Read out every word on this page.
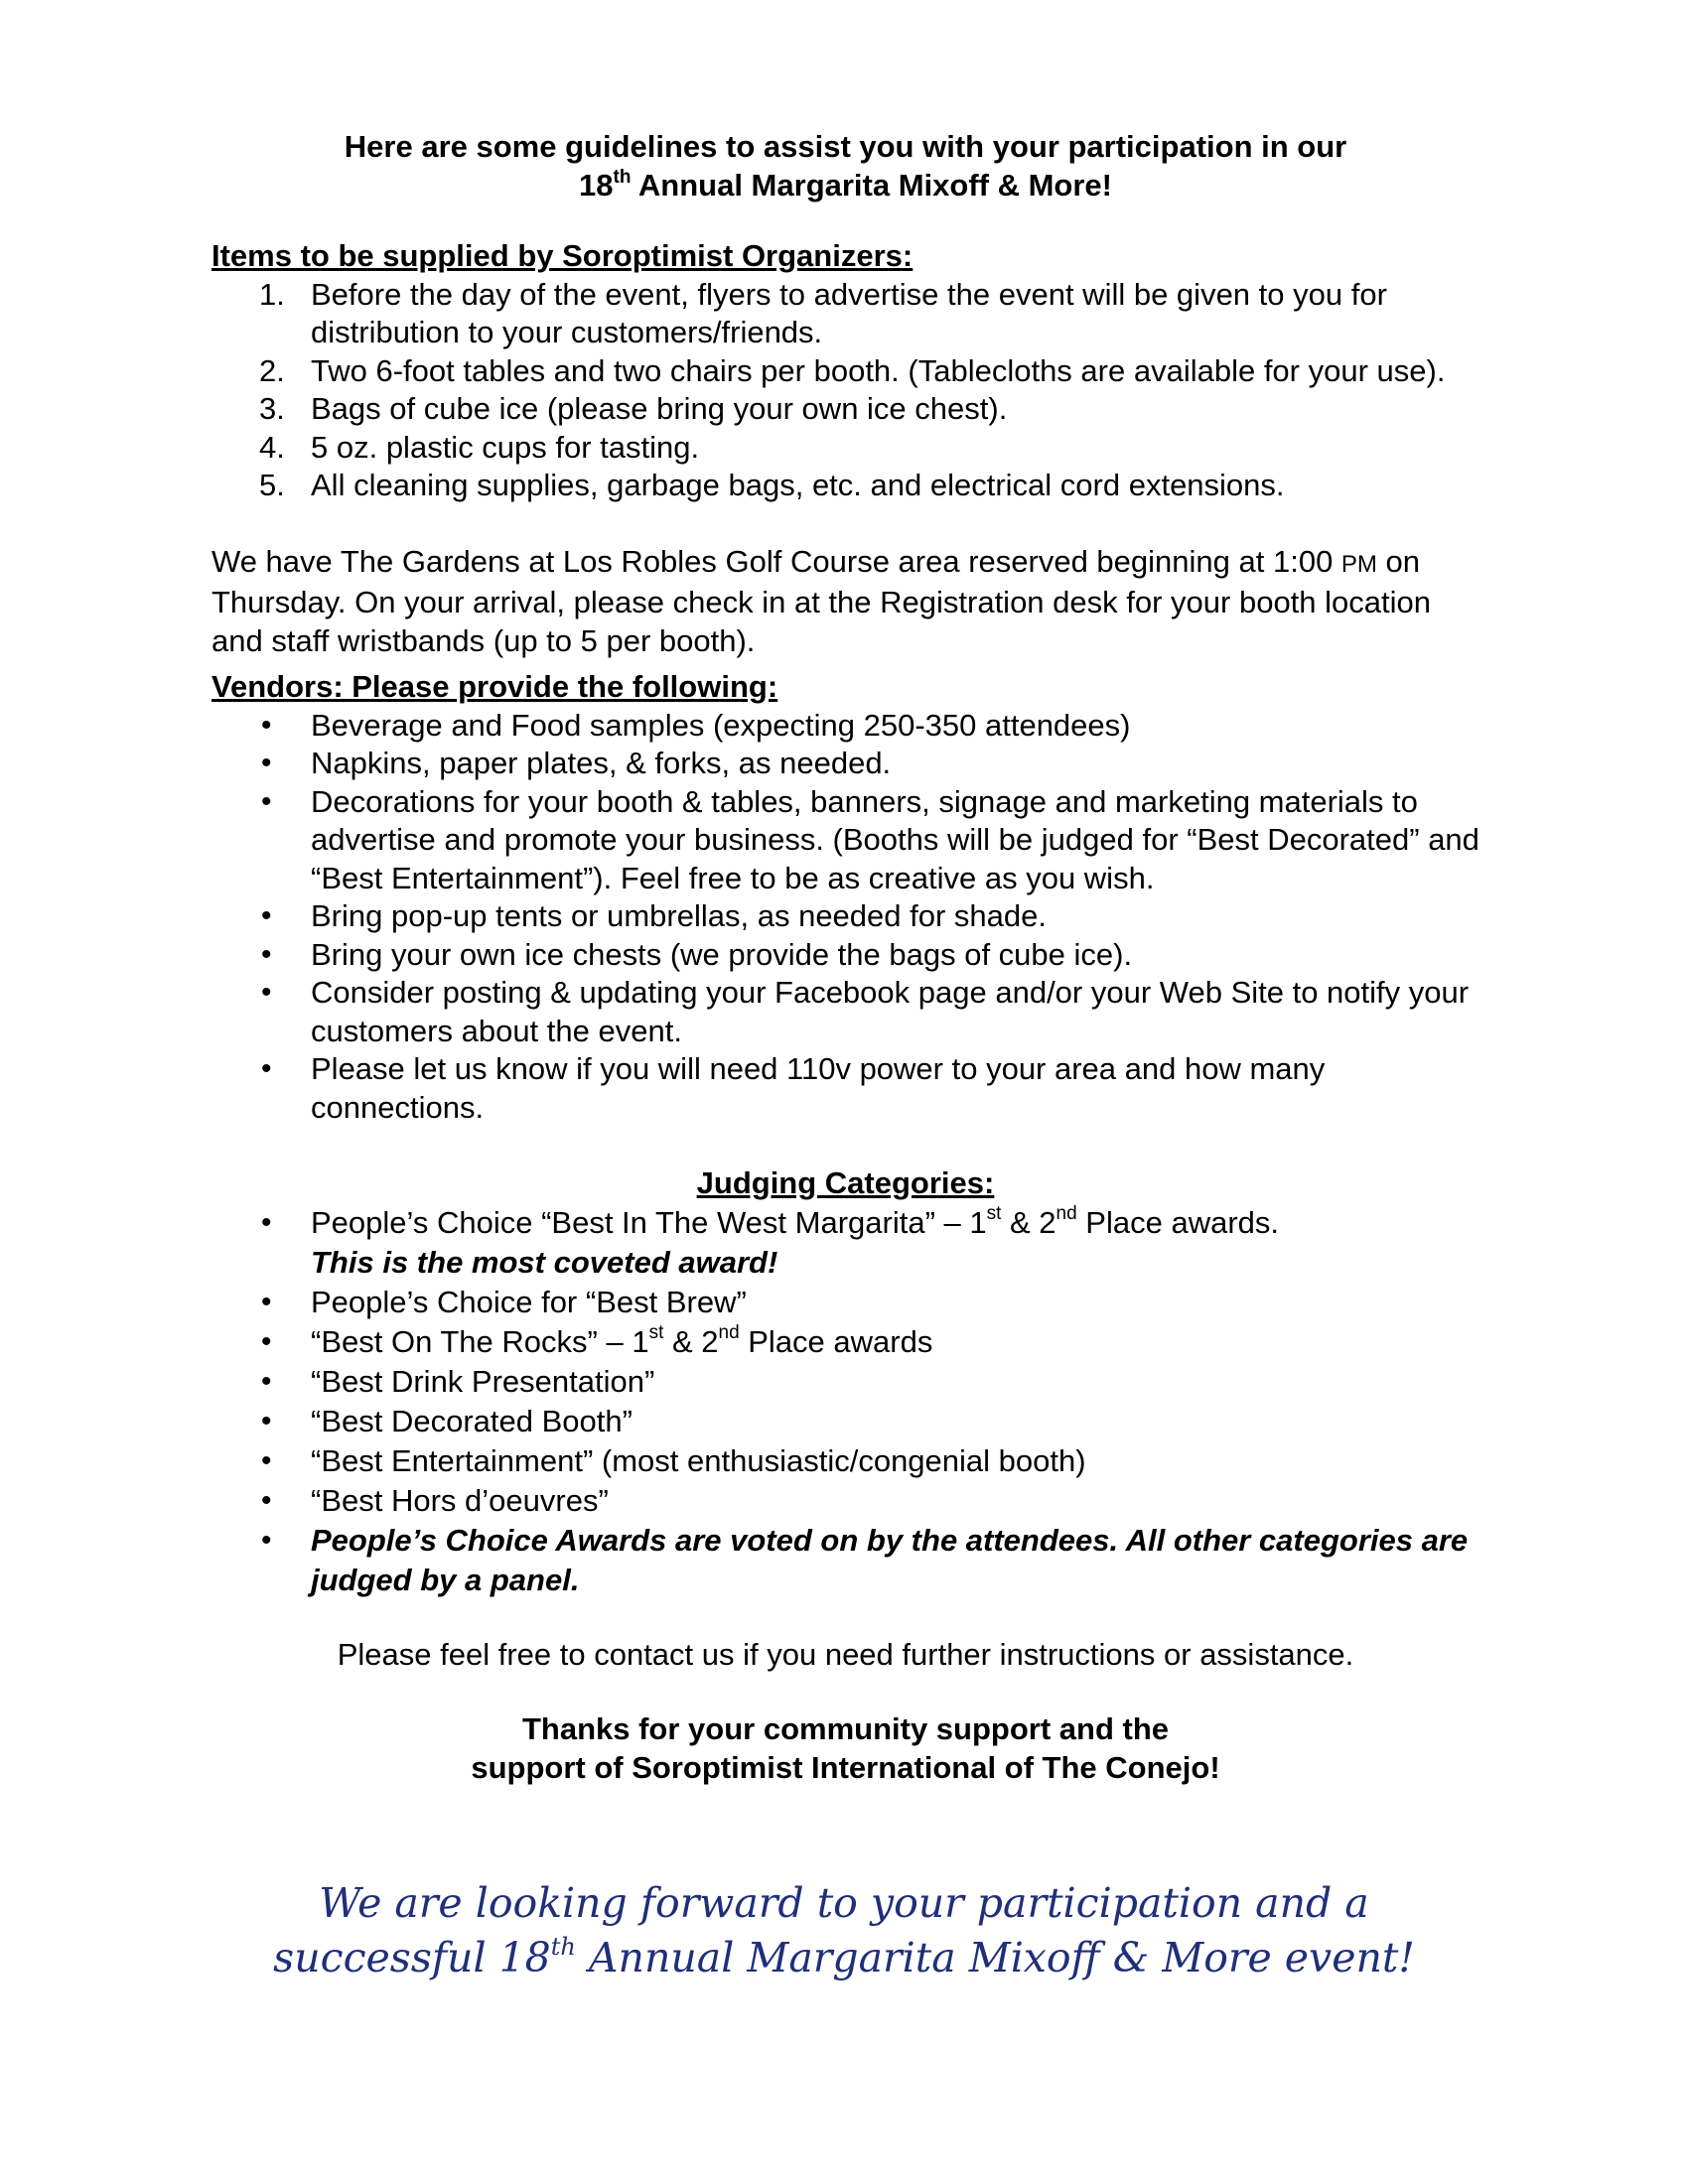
Here are some guidelines to assist you with your participation in our
18th Annual Margarita Mixoff & More!
Items to be supplied by Soroptimist Organizers:
1. Before the day of the event, flyers to advertise the event will be given to you for distribution to your customers/friends.
2. Two 6-foot tables and two chairs per booth. (Tablecloths are available for your use).
3. Bags of cube ice (please bring your own ice chest).
4. 5 oz. plastic cups for tasting.
5. All cleaning supplies, garbage bags, etc. and electrical cord extensions.

We have The Gardens at Los Robles Golf Course area reserved beginning at 1:00 PM on Thursday. On your arrival, please check in at the Registration desk for your booth location and staff wristbands (up to 5 per booth).

Vendors: Please provide the following:
• Beverage and Food samples (expecting 250-350 attendees)
• Napkins, paper plates, & forks, as needed.
• Decorations for your booth & tables, banners, signage and marketing materials to advertise and promote your business. (Booths will be judged for “Best Decorated” and “Best Entertainment”). Feel free to be as creative as you wish.
• Bring pop-up tents or umbrellas, as needed for shade.
• Bring your own ice chests (we provide the bags of cube ice).
• Consider posting & updating your Facebook page and/or your Web Site to notify your customers about the event.
• Please let us know if you will need 110v power to your area and how many connections.
Judging Categories:
• People’s Choice “Best In The West Margarita” – 1st & 2nd Place awards.
This is the most coveted award!
• People’s Choice for “Best Brew”
• “Best On The Rocks” – 1st & 2nd Place awards
• “Best Drink Presentation”
• “Best Decorated Booth”
• “Best Entertainment” (most enthusiastic/congenial booth)
• “Best Hors d’oeuvres”
• People’s Choice Awards are voted on by the attendees. All other categories are judged by a panel.

Please feel free to contact us if you need further instructions or assistance.

Thanks for your community support and the
support of Soroptimist International of The Conejo!
We are looking forward to your participation and a
successful 18th Annual Margarita Mixoff & More event!
